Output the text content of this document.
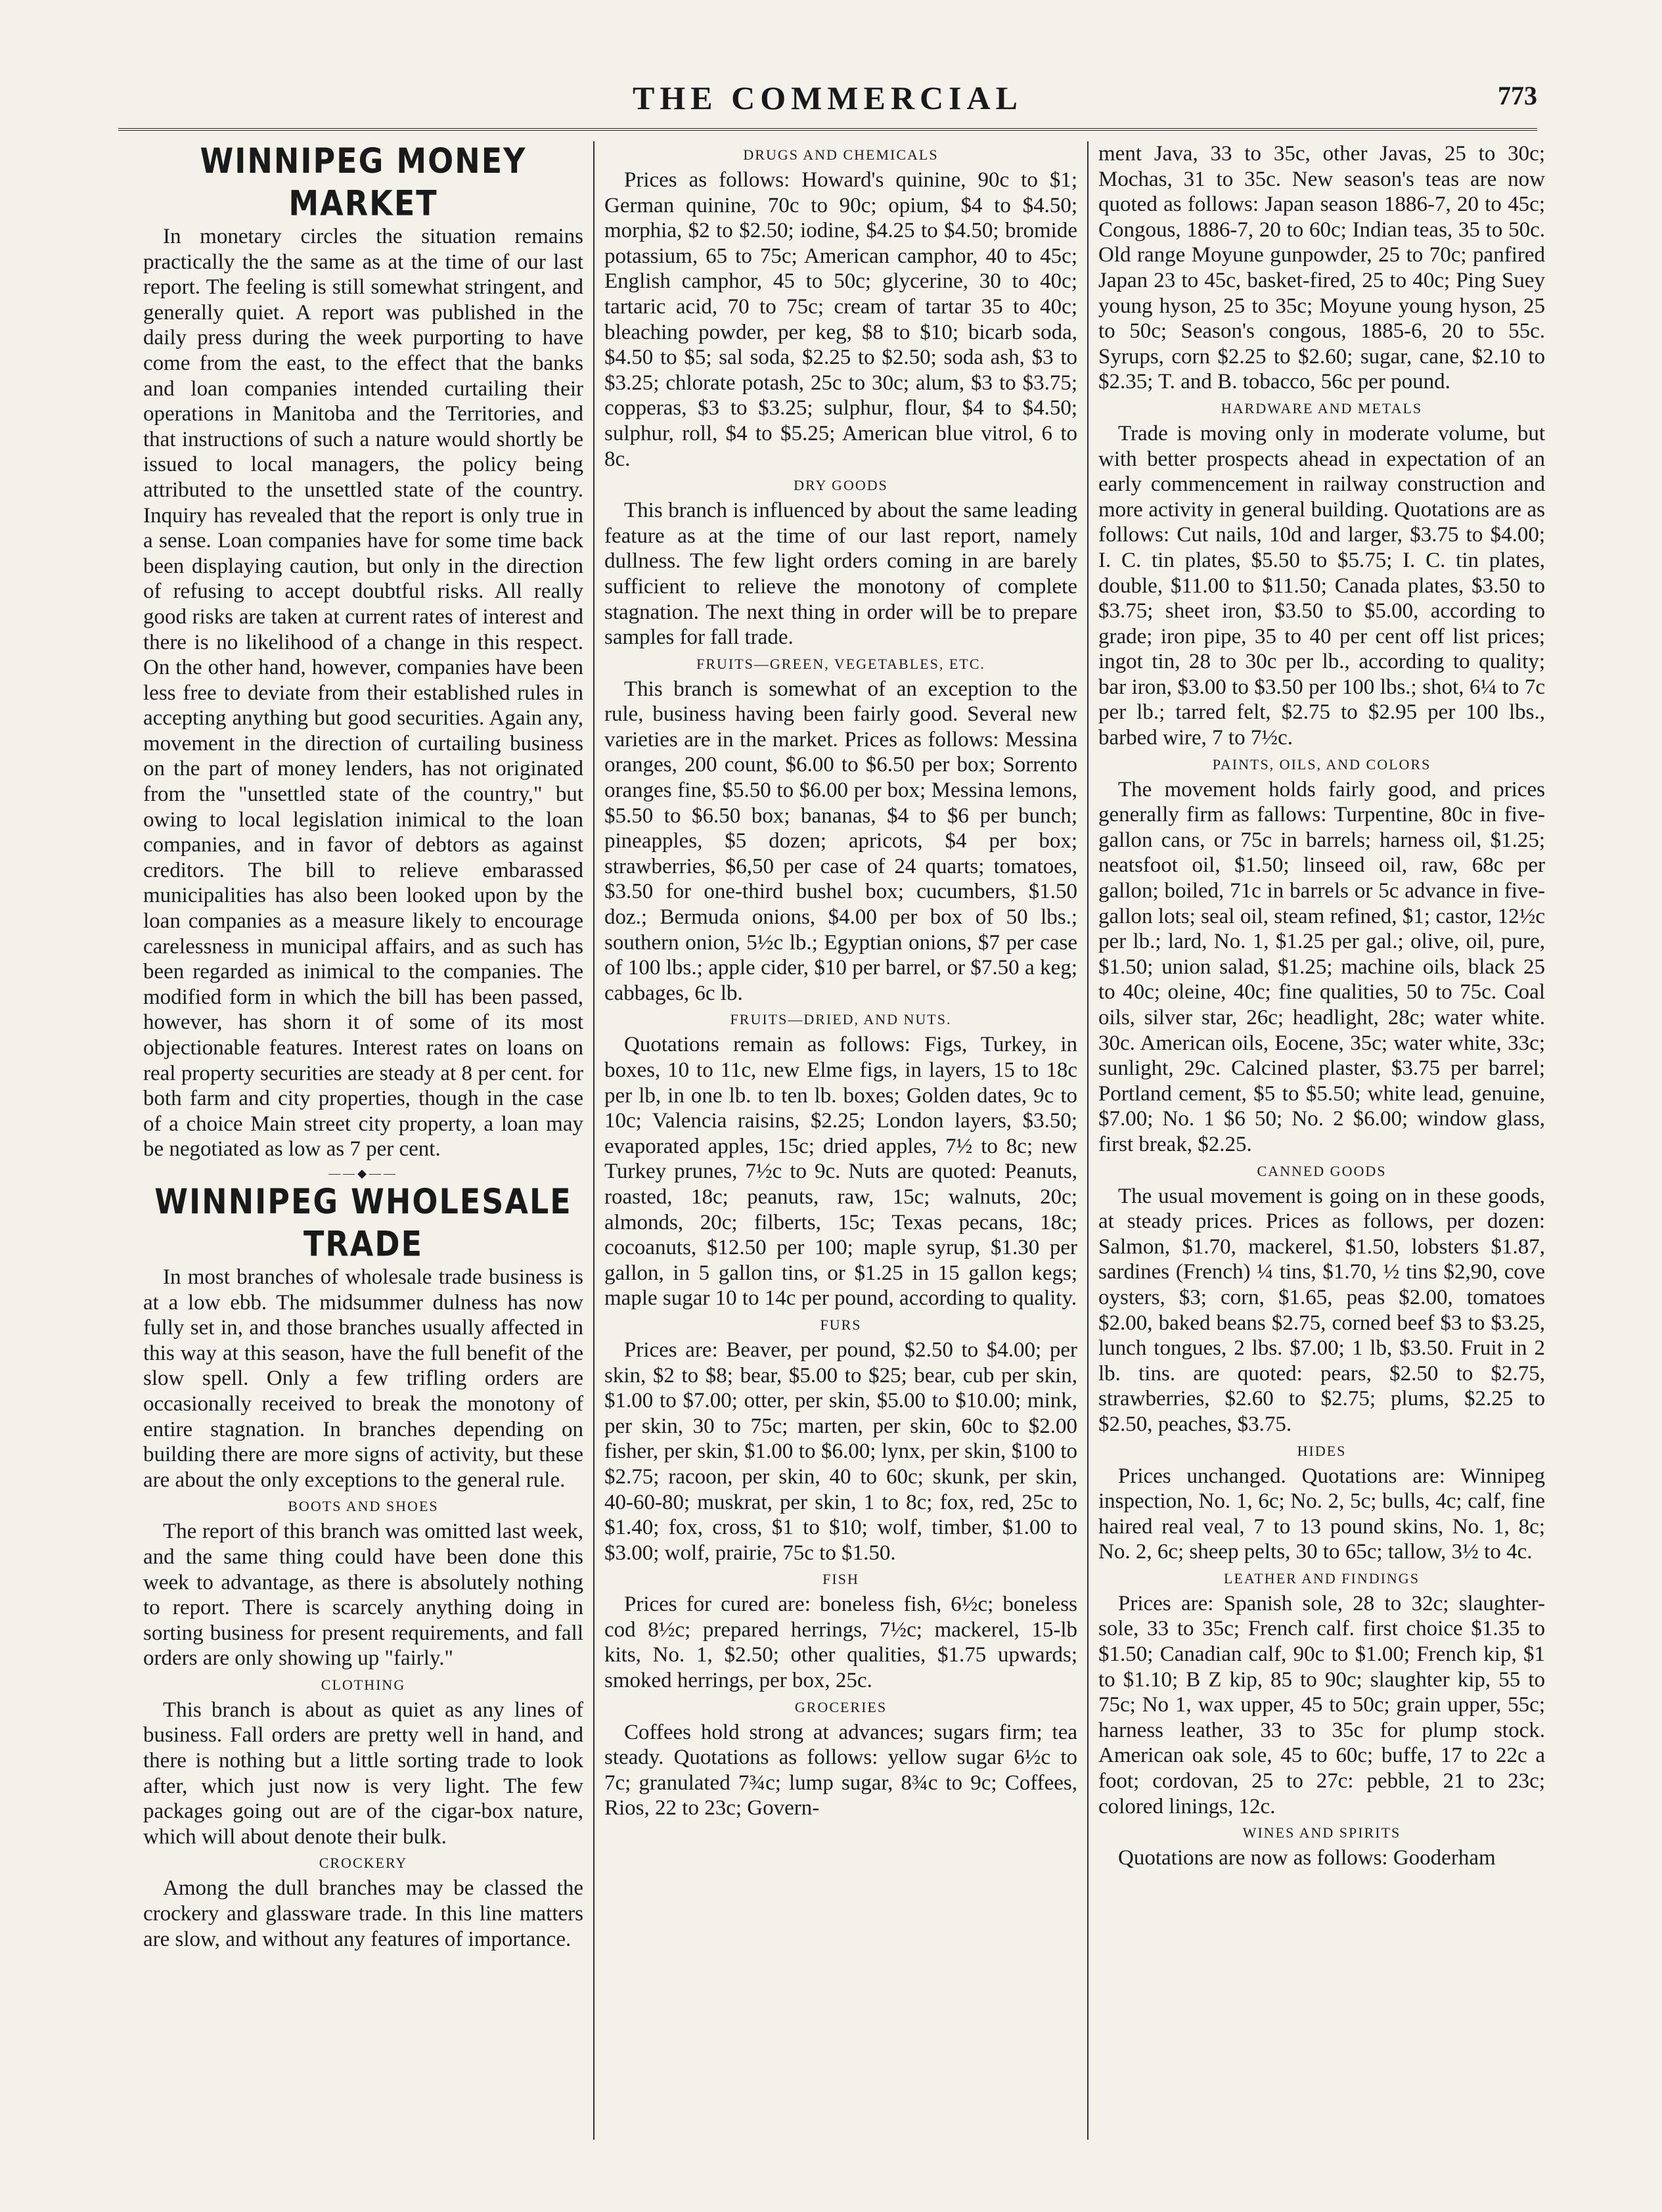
THE COMMERCIAL	773
WINNIPEG MONEY MARKET

In monetary circles the situation remains practically the the same as at the time of our last report. The feeling is still somewhat stringent, and generally quiet. A report was published in the daily press during the week purporting to have come from the east, to the effect that the banks and loan companies intended curtailing their operations in Manitoba and the Territories, and that instructions of such a nature would shortly be issued to local managers, the policy being attributed to the unsettled state of the country. Inquiry has revealed that the report is only true in a sense. Loan companies have for some time back been displaying caution, but only in the direction of refusing to accept doubtful risks. All really good risks are taken at current rates of interest and there is no likelihood of a change in this respect. On the other hand, however, companies have been less free to deviate from their established rules in accepting anything but good securities. Again any, movement in the direction of curtailing business on the part of money lenders, has not originated from the "unsettled state of the country," but owing to local legislation inimical to the loan companies, and in favor of debtors as against creditors. The bill to relieve embarassed municipalities has also been looked upon by the loan companies as a measure likely to encourage carelessness in municipal affairs, and as such has been regarded as inimical to the companies. The modified form in which the bill has been passed, however, has shorn it of some of its most objectionable features. Interest rates on loans on real property securities are steady at 8 per cent. for both farm and city properties, though in the case of a choice Main street city property, a loan may be negotiated as low as 7 per cent.

——◆——
WINNIPEG WHOLESALE TRADE

In most branches of wholesale trade business is at a low ebb. The midsummer dulness has now fully set in, and those branches usually affected in this way at this season, have the full benefit of the slow spell. Only a few trifling orders are occasionally received to break the monotony of entire stagnation. In branches depending on building there are more signs of activity, but these are about the only exceptions to the general rule.

BOOTS AND SHOES

The report of this branch was omitted last week, and the same thing could have been done this week to advantage, as there is absolutely nothing to report. There is scarcely anything doing in sorting business for present requirements, and fall orders are only showing up "fairly."

CLOTHING

This branch is about as quiet as any lines of business. Fall orders are pretty well in hand, and there is nothing but a little sorting trade to look after, which just now is very light. The few packages going out are of the cigar-box nature, which will about denote their bulk.

CROCKERY

Among the dull branches may be classed the crockery and glassware trade. In this line matters are slow, and without any features of importance.

DRUGS AND CHEMICALS

Prices as follows: Howard's quinine, 90c to $1; German quinine, 70c to 90c; opium, $4 to $4.50; morphia, $2 to $2.50; iodine, $4.25 to $4.50; bromide potassium, 65 to 75c; American camphor, 40 to 45c; English camphor, 45 to 50c; glycerine, 30 to 40c; tartaric acid, 70 to 75c; cream of tartar 35 to 40c; bleaching powder, per keg, $8 to $10; bicarb soda, $4.50 to $5; sal soda, $2.25 to $2.50; soda ash, $3 to $3.25; chlorate potash, 25c to 30c; alum, $3 to $3.75; copperas, $3 to $3.25; sulphur, flour, $4 to $4.50; sulphur, roll, $4 to $5.25; American blue vitrol, 6 to 8c.

DRY GOODS

This branch is influenced by about the same leading feature as at the time of our last report, namely dullness. The few light orders coming in are barely sufficient to relieve the monotony of complete stagnation. The next thing in order will be to prepare samples for fall trade.

FRUITS—GREEN, VEGETABLES, ETC.

This branch is somewhat of an exception to the rule, business having been fairly good. Several new varieties are in the market. Prices as follows: Messina oranges, 200 count, $6.00 to $6.50 per box; Sorrento oranges fine, $5.50 to $6.00 per box; Messina lemons, $5.50 to $6.50 box; bananas, $4 to $6 per bunch; pineapples, $5 dozen; apricots, $4 per box; strawberries, $6,50 per case of 24 quarts; tomatoes, $3.50 for one-third bushel box; cucumbers, $1.50 doz.; Bermuda onions, $4.00 per box of 50 lbs.; southern onion, 5½c lb.; Egyptian onions, $7 per case of 100 lbs.; apple cider, $10 per barrel, or $7.50 a keg; cabbages, 6c lb.

FRUITS—DRIED, AND NUTS.

Quotations remain as follows: Figs, Turkey, in boxes, 10 to 11c, new Elme figs, in layers, 15 to 18c per lb, in one lb. to ten lb. boxes; Golden dates, 9c to 10c; Valencia raisins, $2.25; London layers, $3.50; evaporated apples, 15c; dried apples, 7½ to 8c; new Turkey prunes, 7½c to 9c. Nuts are quoted: Peanuts, roasted, 18c; peanuts, raw, 15c; walnuts, 20c; almonds, 20c; filberts, 15c; Texas pecans, 18c; cocoanuts, $12.50 per 100; maple syrup, $1.30 per gallon, in 5 gallon tins, or $1.25 in 15 gallon kegs; maple sugar 10 to 14c per pound, according to quality.

FURS

Prices are: Beaver, per pound, $2.50 to $4.00; per skin, $2 to $8; bear, $5.00 to $25; bear, cub per skin, $1.00 to $7.00; otter, per skin, $5.00 to $10.00; mink, per skin, 30 to 75c; marten, per skin, 60c to $2.00 fisher, per skin, $1.00 to $6.00; lynx, per skin, $100 to $2.75; racoon, per skin, 40 to 60c; skunk, per skin, 40-60-80; muskrat, per skin, 1 to 8c; fox, red, 25c to $1.40; fox, cross, $1 to $10; wolf, timber, $1.00 to $3.00; wolf, prairie, 75c to $1.50.

FISH

Prices for cured are: boneless fish, 6½c; boneless cod 8½c; prepared herrings, 7½c; mackerel, 15-lb kits, No. 1, $2.50; other qualities, $1.75 upwards; smoked herrings, per box, 25c.

GROCERIES

Coffees hold strong at advances; sugars firm; tea steady. Quotations as follows: yellow sugar 6½c to 7c; granulated 7¾c; lump sugar, 8¾c to 9c; Coffees, Rios, 22 to 23c; Govern-

ment Java, 33 to 35c, other Javas, 25 to 30c; Mochas, 31 to 35c. New season's teas are now quoted as follows: Japan season 1886-7, 20 to 45c; Congous, 1886-7, 20 to 60c; Indian teas, 35 to 50c. Old range Moyune gunpowder, 25 to 70c; panfired Japan 23 to 45c, basket-fired, 25 to 40c; Ping Suey young hyson, 25 to 35c; Moyune young hyson, 25 to 50c; Season's congous, 1885-6, 20 to 55c. Syrups, corn $2.25 to $2.60; sugar, cane, $2.10 to $2.35; T. and B. tobacco, 56c per pound.

HARDWARE AND METALS

Trade is moving only in moderate volume, but with better prospects ahead in expectation of an early commencement in railway construction and more activity in general building. Quotations are as follows: Cut nails, 10d and larger, $3.75 to $4.00; I. C. tin plates, $5.50 to $5.75; I. C. tin plates, double, $11.00 to $11.50; Canada plates, $3.50 to $3.75; sheet iron, $3.50 to $5.00, according to grade; iron pipe, 35 to 40 per cent off list prices; ingot tin, 28 to 30c per lb., according to quality; bar iron, $3.00 to $3.50 per 100 lbs.; shot, 6¼ to 7c per lb.; tarred felt, $2.75 to $2.95 per 100 lbs., barbed wire, 7 to 7½c.

PAINTS, OILS, AND COLORS

The movement holds fairly good, and prices generally firm as fallows: Turpentine, 80c in five-gallon cans, or 75c in barrels; harness oil, $1.25; neatsfoot oil, $1.50; linseed oil, raw, 68c per gallon; boiled, 71c in barrels or 5c advance in five-gallon lots; seal oil, steam refined, $1; castor, 12½c per lb.; lard, No. 1, $1.25 per gal.; olive, oil, pure, $1.50; union salad, $1.25; machine oils, black 25 to 40c; oleine, 40c; fine qualities, 50 to 75c. Coal oils, silver star, 26c; headlight, 28c; water white. 30c. American oils, Eocene, 35c; water white, 33c; sunlight, 29c. Calcined plaster, $3.75 per barrel; Portland cement, $5 to $5.50; white lead, genuine, $7.00; No. 1 $6 50; No. 2 $6.00; window glass, first break, $2.25.

CANNED GOODS

The usual movement is going on in these goods, at steady prices. Prices as follows, per dozen: Salmon, $1.70, mackerel, $1.50, lobsters $1.87, sardines (French) ¼ tins, $1.70, ½ tins $2,90, cove oysters, $3; corn, $1.65, peas $2.00, tomatoes $2.00, baked beans $2.75, corned beef $3 to $3.25, lunch tongues, 2 lbs. $7.00; 1 lb, $3.50. Fruit in 2 lb. tins. are quoted: pears, $2.50 to $2.75, strawberries, $2.60 to $2.75; plums, $2.25 to $2.50, peaches, $3.75.

HIDES

Prices unchanged. Quotations are: Winnipeg inspection, No. 1, 6c; No. 2, 5c; bulls, 4c; calf, fine haired real veal, 7 to 13 pound skins, No. 1, 8c; No. 2, 6c; sheep pelts, 30 to 65c; tallow, 3½ to 4c.

LEATHER AND FINDINGS

Prices are: Spanish sole, 28 to 32c; slaughter-sole, 33 to 35c; French calf. first choice $1.35 to $1.50; Canadian calf, 90c to $1.00; French kip, $1 to $1.10; B Z kip, 85 to 90c; slaughter kip, 55 to 75c; No 1, wax upper, 45 to 50c; grain upper, 55c; harness leather, 33 to 35c for plump stock. American oak sole, 45 to 60c; buffe, 17 to 22c a foot; cordovan, 25 to 27c: pebble, 21 to 23c; colored linings, 12c.

WINES AND SPIRITS

Quotations are now as follows: Gooderham
